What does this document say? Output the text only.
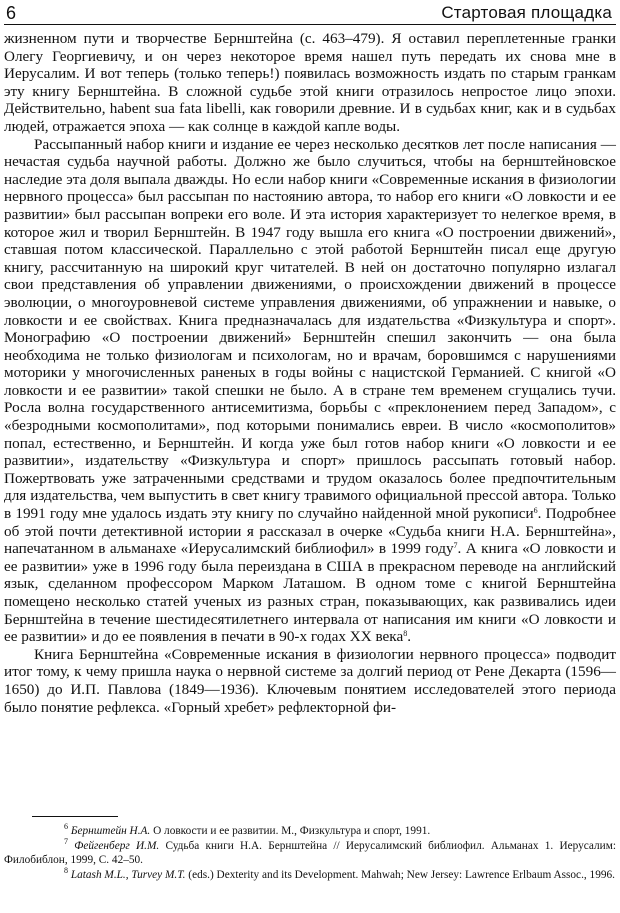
6	Стартовая площадка

жизненном пути и творчестве Бернштейна (с. 463–479). Я оставил переплетенные гранки Олегу Георгиевичу, и он через некоторое время нашел путь передать их снова мне в Иерусалим. И вот теперь (только теперь!) появилась возможность издать по старым гранкам эту книгу Бернштейна. В сложной судьбе этой книги отразилось непростое лицо эпохи. Действительно, habent sua fata libelli, как говорили древние. И в судьбах книг, как и в судьбах людей, отражается эпоха — как солнце в каждой капле воды.

Рассыпанный набор книги и издание ее через несколько десятков лет после написания — нечастая судьба научной работы. Должно же было случиться, чтобы на бернштейновское наследие эта доля выпала дважды. Но если набор книги «Современные искания в физиологии нервного процесса» был рассыпан по настоянию автора, то набор его книги «О ловкости и ее развитии» был рассыпан вопреки его воле. И эта история характеризует то нелегкое время, в которое жил и творил Бернштейн. В 1947 году вышла его книга «О построении движений», ставшая потом классической. Параллельно с этой работой Бернштейн писал еще другую книгу, рассчитанную на широкий круг читателей. В ней он достаточно популярно излагал свои представления об управлении движениями, о происхождении движений в процессе эволюции, о многоуровневой системе управления движениями, об упражнении и навыке, о ловкости и ее свойствах. Книга предназначалась для издательства «Физкультура и спорт». Монографию «О построении движений» Бернштейн спешил закончить — она была необходима не только физиологам и психологам, но и врачам, боровшимся с нарушениями моторики у многочисленных раненых в годы войны с нацистской Германией. С книгой «О ловкости и ее развитии» такой спешки не было. А в стране тем временем сгущались тучи. Росла волна государственного антисемитизма, борьбы с «преклонением перед Западом», с «безродными космополитами», под которыми понимались евреи. В число «космополитов» попал, естественно, и Бернштейн. И когда уже был готов набор книги «О ловкости и ее развитии», издательству «Физкультура и спорт» пришлось рассыпать готовый набор. Пожертвовать уже затраченными средствами и трудом оказалось более предпочтительным для издательства, чем выпустить в свет книгу травимого официальной прессой автора. Только в 1991 году мне удалось издать эту книгу по случайно найденной мной рукописи$^6$. Подробнее об этой почти детективной истории я рассказал в очерке «Судьба книги Н.А. Бернштейна», напечатанном в альманахе «Иерусалимский библиофил» в 1999 году$^7$. А книга «О ловкости и ее развитии» уже в 1996 году была переиздана в США в прекрасном переводе на английский язык, сделанном профессором Марком Латашом. В одном томе с книгой Бернштейна помещено несколько статей ученых из разных стран, показывающих, как развивались идеи Бернштейна в течение шестидесятилетнего интервала от написания им книги «О ловкости и ее развитии» и до ее появления в печати в 90-х годах XX века$^8$.

Книга Бернштейна «Современные искания в физиологии нервного процесса» подводит итог тому, к чему пришла наука о нервной системе за долгий период от Рене Декарта (1596—1650) до И.П. Павлова (1849—1936). Ключевым понятием исследователей этого периода было понятие рефлекса. «Горный хребет» рефлекторной фи-

$^6$ Бернштейн Н.А. О ловкости и ее развитии. М., Физкультура и спорт, 1991.

$^7$ Фейгенберг И.М. Судьба книги Н.А. Бернштейна // Иерусалимский библиофил. Альманах 1. Иерусалим: Филобиблон, 1999, С. 42–50.

$^8$ Latash M.L., Turvey M.T. (eds.) Dexterity and its Development. Mahwah; New Jersey: Lawrence Erlbaum Assoc., 1996.
